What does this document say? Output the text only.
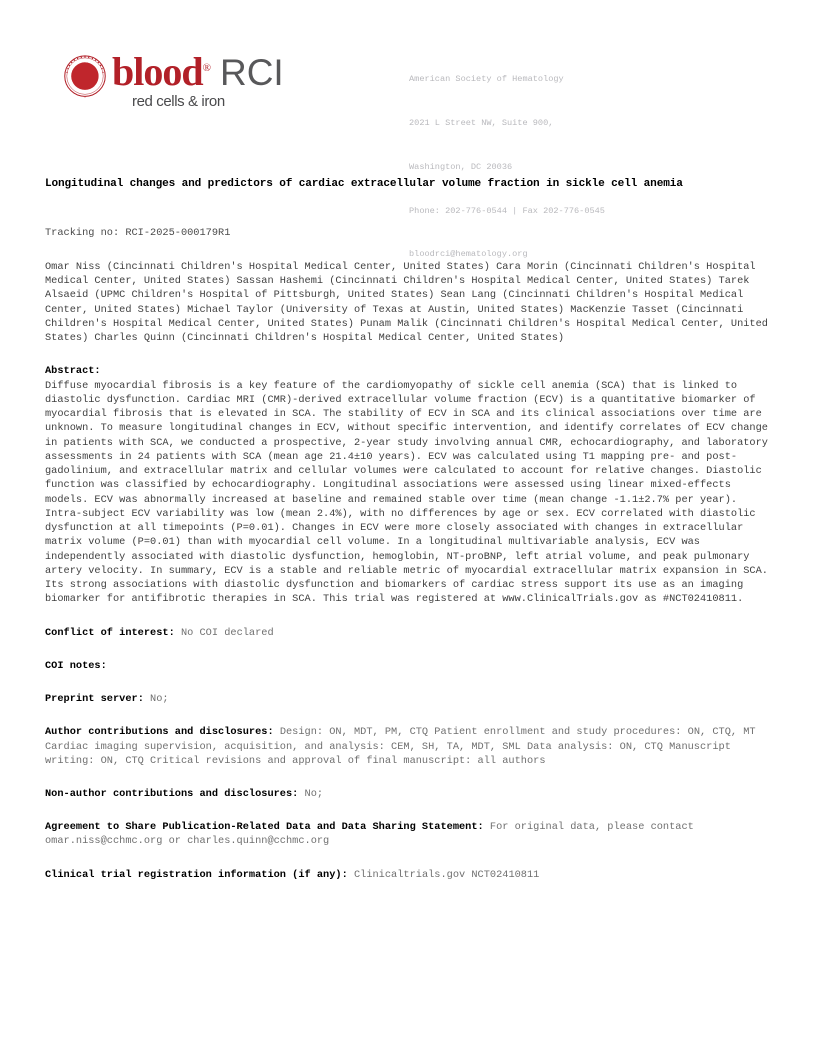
®
blood ® RCI
red cells & iron

American Society of Hematology

2021 L Street NW, Suite 900,

Washington, DC 20036

Phone: 202-776-0544 | Fax 202-776-0545

bloodrci@hematology.org

Longitudinal changes and predictors of cardiac extracellular volume fraction in sickle cell anemia
Tracking no: RCI-2025-000179R1
Omar Niss (Cincinnati Children's Hospital Medical Center, United States) Cara Morin (Cincinnati Children's Hospital Medical Center, United States) Sassan Hashemi (Cincinnati Children's Hospital Medical Center, United States) Tarek Alsaeid (UPMC Children's Hospital of Pittsburgh, United States) Sean Lang (Cincinnati Children's Hospital Medical Center, United States) Michael Taylor (University of Texas at Austin, United States) MacKenzie Tasset (Cincinnati Children's Hospital Medical Center, United States) Punam Malik (Cincinnati Children's Hospital Medical Center, United States) Charles Quinn (Cincinnati Children's Hospital Medical Center, United States)
Abstract:
Diffuse myocardial fibrosis is a key feature of the cardiomyopathy of sickle cell anemia (SCA) that is linked to diastolic dysfunction. Cardiac MRI (CMR)-derived extracellular volume fraction (ECV) is a quantitative biomarker of myocardial fibrosis that is elevated in SCA. The stability of ECV in SCA and its clinical associations over time are unknown. To measure longitudinal changes in ECV, without specific intervention, and identify correlates of ECV change in patients with SCA, we conducted a prospective, 2-year study involving annual CMR, echocardiography, and laboratory assessments in 24 patients with SCA (mean age 21.4±10 years). ECV was calculated using T1 mapping pre- and post-gadolinium, and extracellular matrix and cellular volumes were calculated to account for relative changes. Diastolic function was classified by echocardiography. Longitudinal associations were assessed using linear mixed-effects models. ECV was abnormally increased at baseline and remained stable over time (mean change -1.1±2.7% per year). Intra-subject ECV variability was low (mean 2.4%), with no differences by age or sex. ECV correlated with diastolic dysfunction at all timepoints (P=0.01). Changes in ECV were more closely associated with changes in extracellular matrix volume (P=0.01) than with myocardial cell volume. In a longitudinal multivariable analysis, ECV was independently associated with diastolic dysfunction, hemoglobin, NT-proBNP, left atrial volume, and peak pulmonary artery velocity. In summary, ECV is a stable and reliable metric of myocardial extracellular matrix expansion in SCA. Its strong associations with diastolic dysfunction and biomarkers of cardiac stress support its use as an imaging biomarker for antifibrotic therapies in SCA. This trial was registered at www.ClinicalTrials.gov as #NCT02410811.
Conflict of interest: No COI declared
COI notes:
Preprint server: No;
Author contributions and disclosures: Design: ON, MDT, PM, CTQ Patient enrollment and study procedures: ON, CTQ, MT Cardiac imaging supervision, acquisition, and analysis: CEM, SH, TA, MDT, SML Data analysis: ON, CTQ Manuscript writing: ON, CTQ Critical revisions and approval of final manuscript: all authors
Non-author contributions and disclosures: No;
Agreement to Share Publication-Related Data and Data Sharing Statement: For original data, please contact omar.niss@cchmc.org or charles.quinn@cchmc.org
Clinical trial registration information (if any): Clinicaltrials.gov NCT02410811
